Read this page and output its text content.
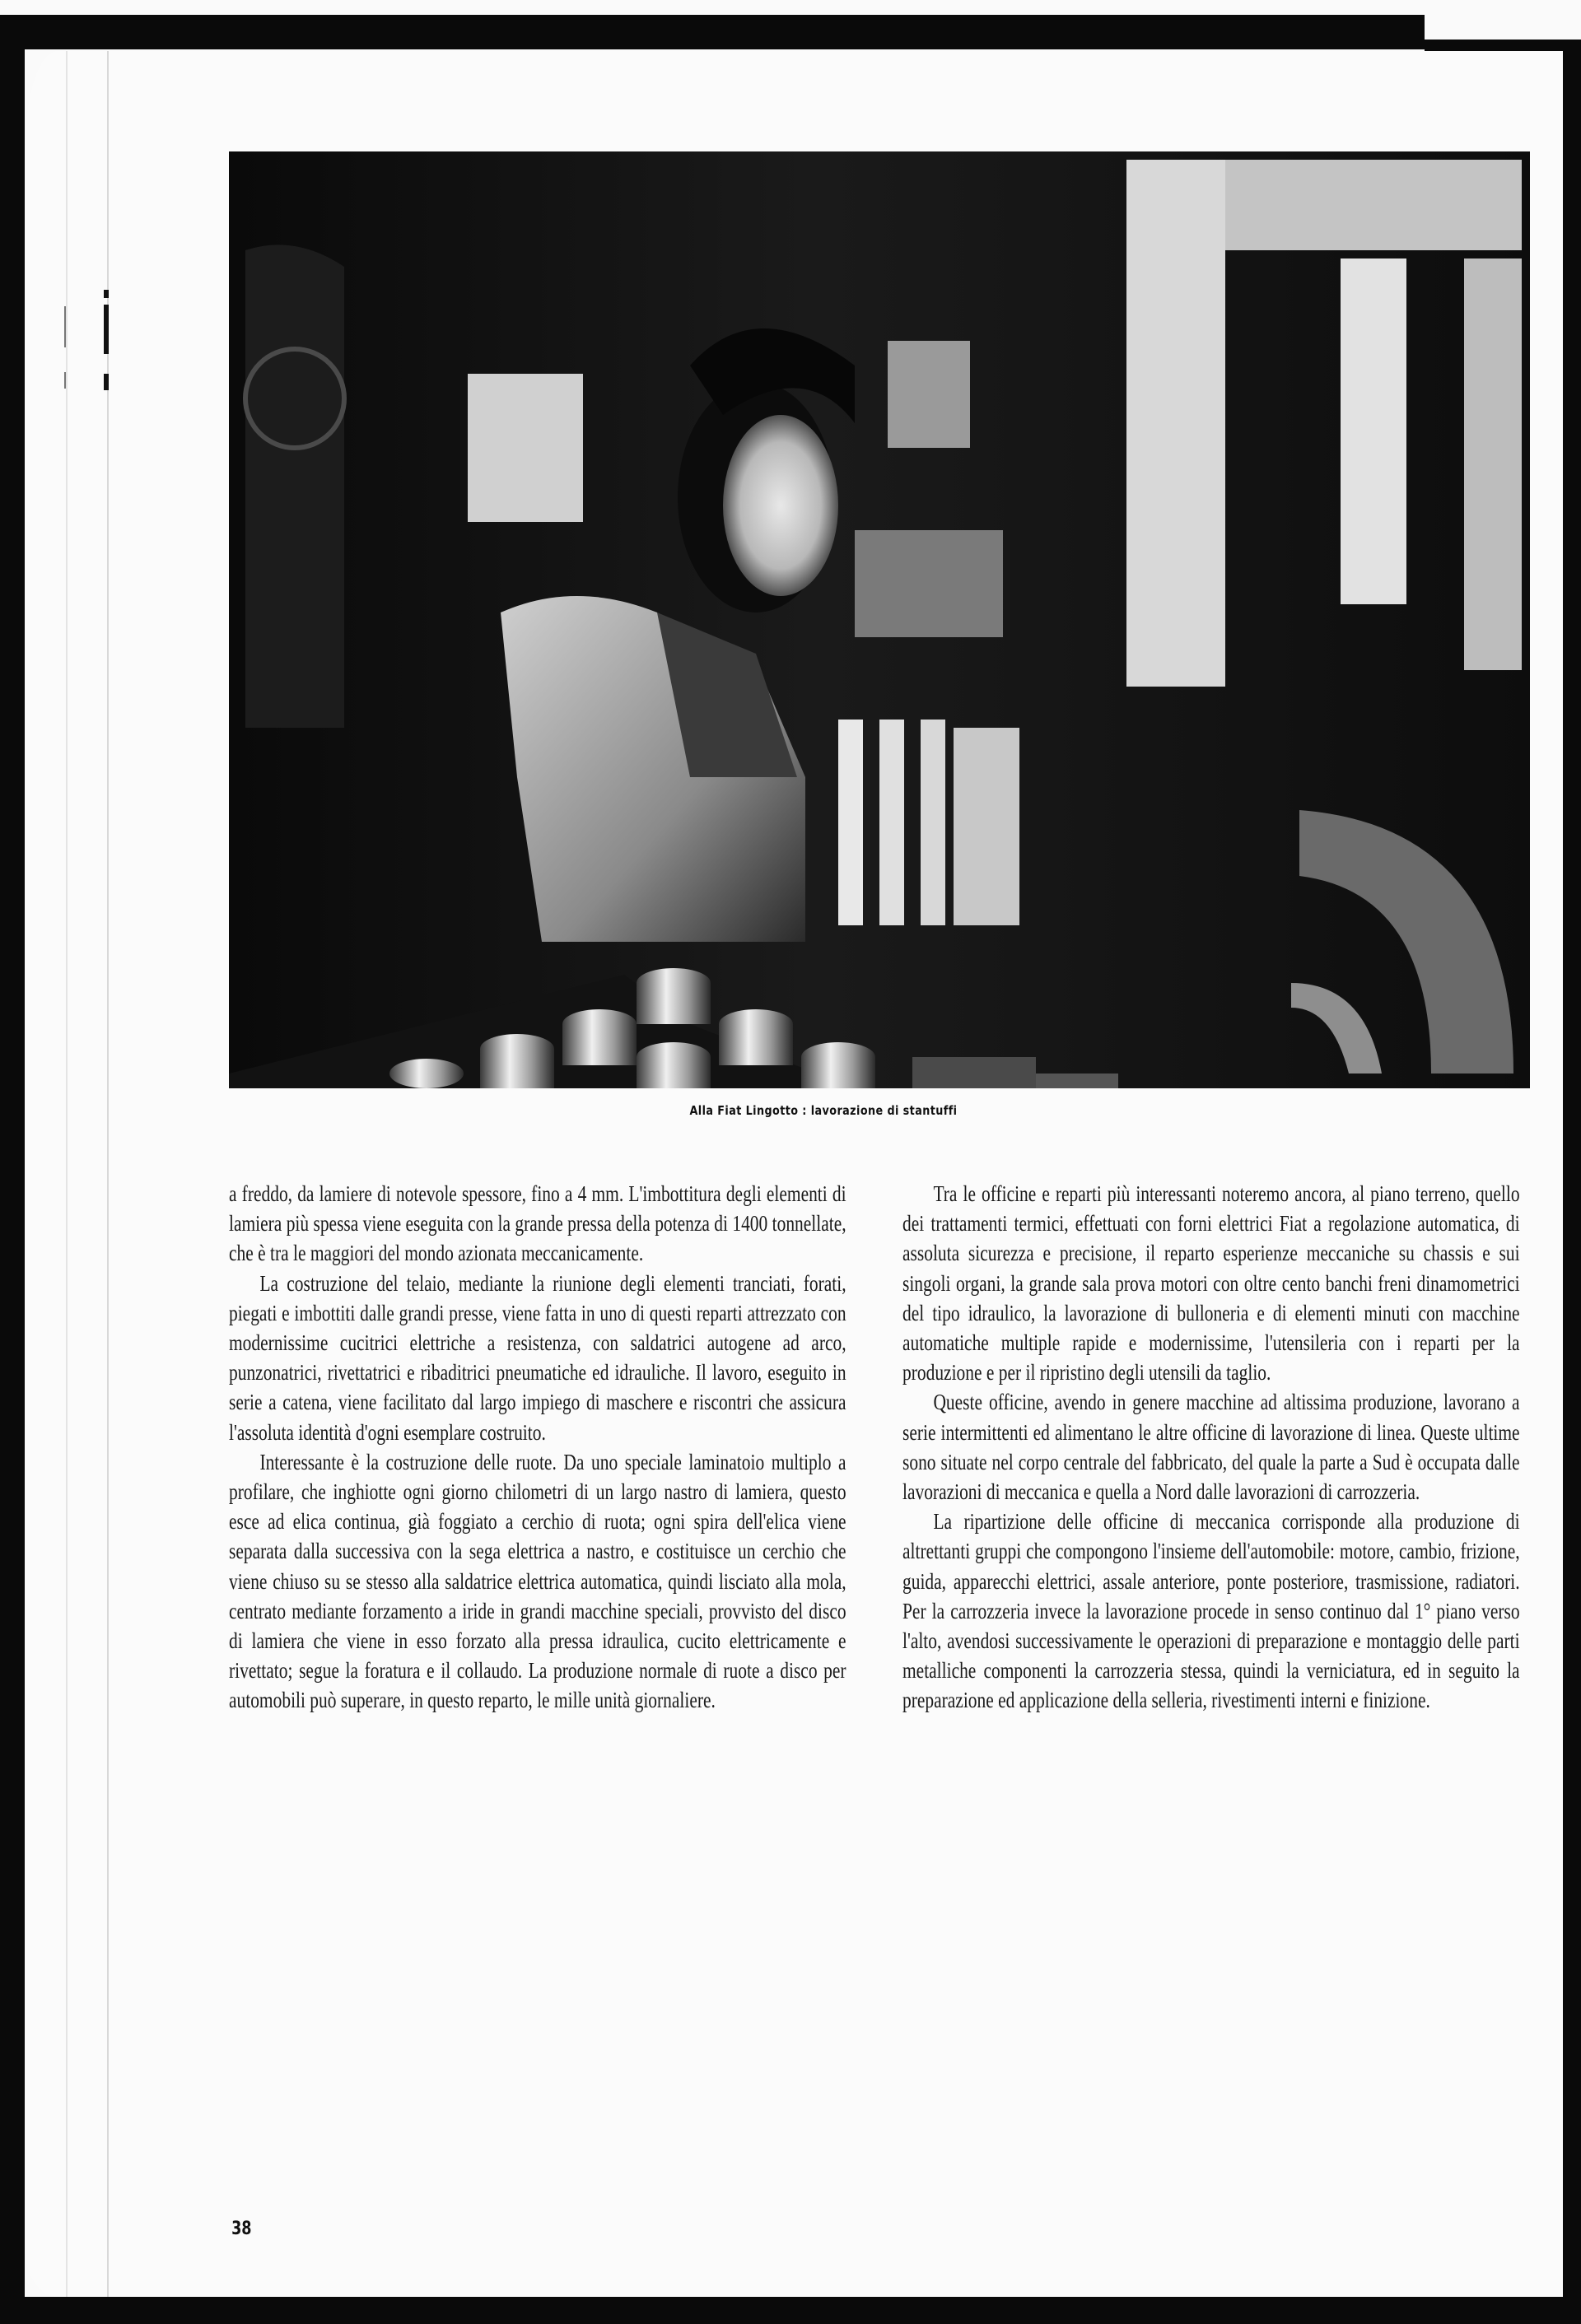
Alla Fiat Lingotto : lavorazione di stantuffi

a freddo, da lamiere di notevole spessore, fino a 4 mm. L'imbottitura degli elementi di lamiera più spessa viene eseguita con la grande pressa della potenza di 1400 tonnellate, che è tra le maggiori del mondo azionata meccanicamente.

La costruzione del telaio, mediante la riunione degli elementi tranciati, forati, piegati e imbottiti dalle grandi presse, viene fatta in uno di questi reparti attrezzato con modernissime cucitrici elettriche a resistenza, con saldatrici autogene ad arco, punzonatrici, rivettatrici e ribaditrici pneumatiche ed idrauliche. Il lavoro, eseguito in serie a catena, viene facilitato dal largo impiego di maschere e riscontri che assicura l'assoluta identità d'ogni esemplare costruito.

Interessante è la costruzione delle ruote. Da uno speciale laminatoio multiplo a profilare, che inghiotte ogni giorno chilometri di un largo nastro di lamiera, questo esce ad elica continua, già foggiato a cerchio di ruota; ogni spira dell'elica viene separata dalla successiva con la sega elettrica a nastro, e costituisce un cerchio che viene chiuso su se stesso alla saldatrice elettrica automatica, quindi lisciato alla mola, centrato mediante forzamento a iride in grandi macchine speciali, provvisto del disco di lamiera che viene in esso forzato alla pressa idraulica, cucito elettricamente e rivettato; segue la foratura e il collaudo. La produzione normale di ruote a disco per automobili può superare, in questo reparto, le mille unità giornaliere.

Tra le officine e reparti più interessanti noteremo ancora, al piano terreno, quello dei trattamenti termici, effettuati con forni elettrici Fiat a regolazione automatica, di assoluta sicurezza e precisione, il reparto esperienze meccaniche su chassis e sui singoli organi, la grande sala prova motori con oltre cento banchi freni dinamometrici del tipo idraulico, la lavorazione di bulloneria e di elementi minuti con macchine automatiche multiple rapide e modernissime, l'utensileria con i reparti per la produzione e per il ripristino degli utensili da taglio.

Queste officine, avendo in genere macchine ad altissima produzione, lavorano a serie intermittenti ed alimentano le altre officine di lavorazione di linea. Queste ultime sono situate nel corpo centrale del fabbricato, del quale la parte a Sud è occupata dalle lavorazioni di meccanica e quella a Nord dalle lavorazioni di carrozzeria.

La ripartizione delle officine di meccanica corrisponde alla produzione di altrettanti gruppi che compongono l'insieme dell'automobile: motore, cambio, frizione, guida, apparecchi elettrici, assale anteriore, ponte posteriore, trasmissione, radiatori. Per la carrozzeria invece la lavorazione procede in senso continuo dal 1° piano verso l'alto, avendosi successivamente le operazioni di preparazione e montaggio delle parti metalliche componenti la carrozzeria stessa, quindi la verniciatura, ed in seguito la preparazione ed applicazione della selleria, rivestimenti interni e finizione.

38
